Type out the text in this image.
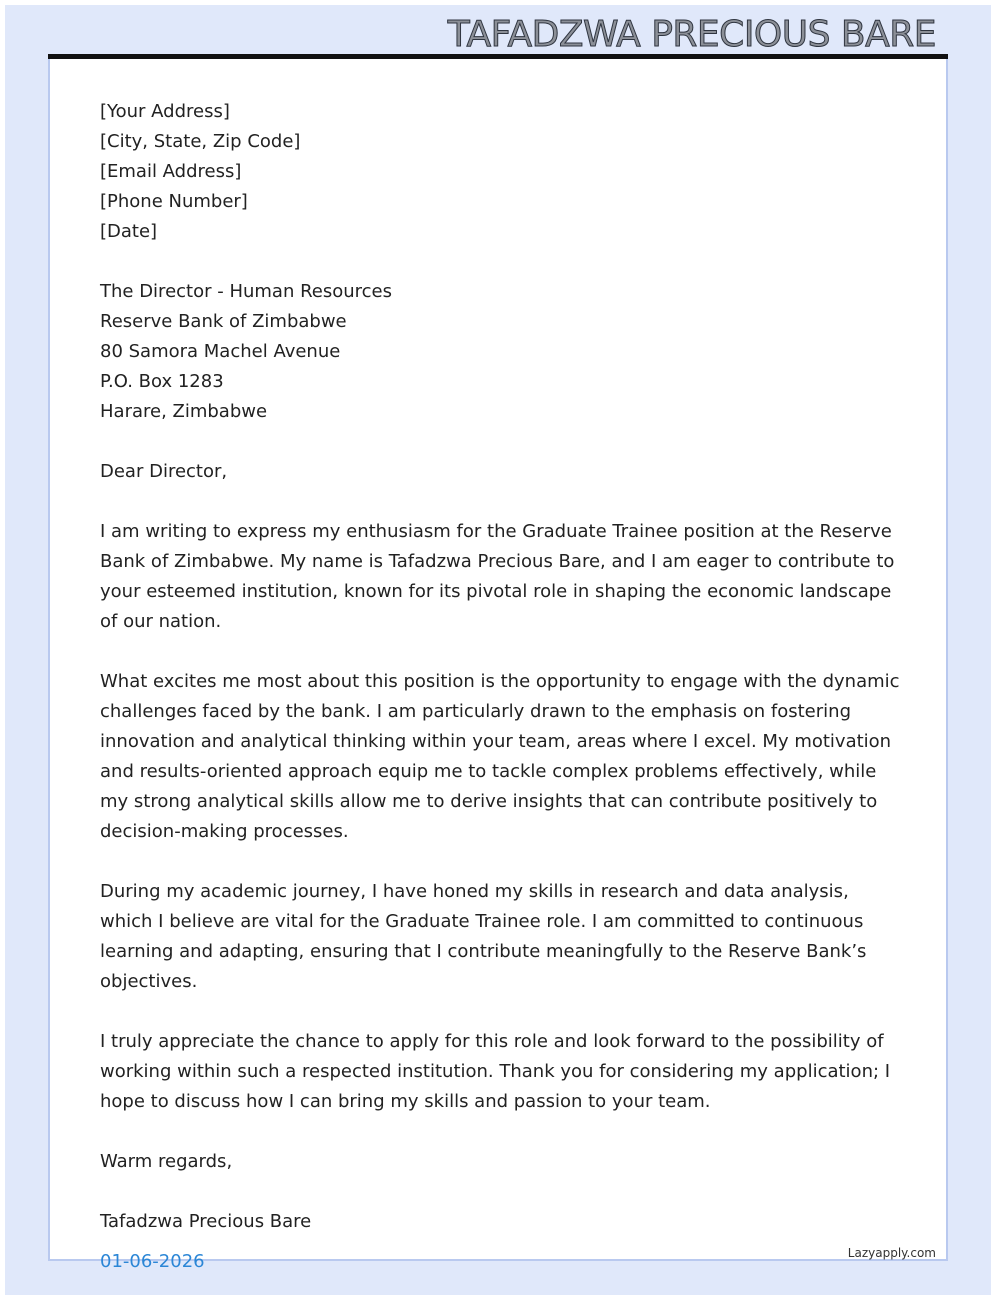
TAFADZWA PRECIOUS BARE
[Your Address]
[City, State, Zip Code]
[Email Address]
[Phone Number]
[Date]
The Director - Human Resources
Reserve Bank of Zimbabwe
80 Samora Machel Avenue
P.O. Box 1283
Harare, Zimbabwe
Dear Director,
I am writing to express my enthusiasm for the Graduate Trainee position at the Reserve Bank of Zimbabwe. My name is Tafadzwa Precious Bare, and I am eager to contribute to your esteemed institution, known for its pivotal role in shaping the economic landscape of our nation.
What excites me most about this position is the opportunity to engage with the dynamic challenges faced by the bank. I am particularly drawn to the emphasis on fostering innovation and analytical thinking within your team, areas where I excel. My motivation and results-oriented approach equip me to tackle complex problems effectively, while my strong analytical skills allow me to derive insights that can contribute positively to decision-making processes.
During my academic journey, I have honed my skills in research and data analysis, which I believe are vital for the Graduate Trainee role. I am committed to continuous learning and adapting, ensuring that I contribute meaningfully to the Reserve Bank’s objectives.
I truly appreciate the chance to apply for this role and look forward to the possibility of working within such a respected institution. Thank you for considering my application; I hope to discuss how I can bring my skills and passion to your team.
Warm regards,
Tafadzwa Precious Bare
01-06-2026	Lazyapply.com
